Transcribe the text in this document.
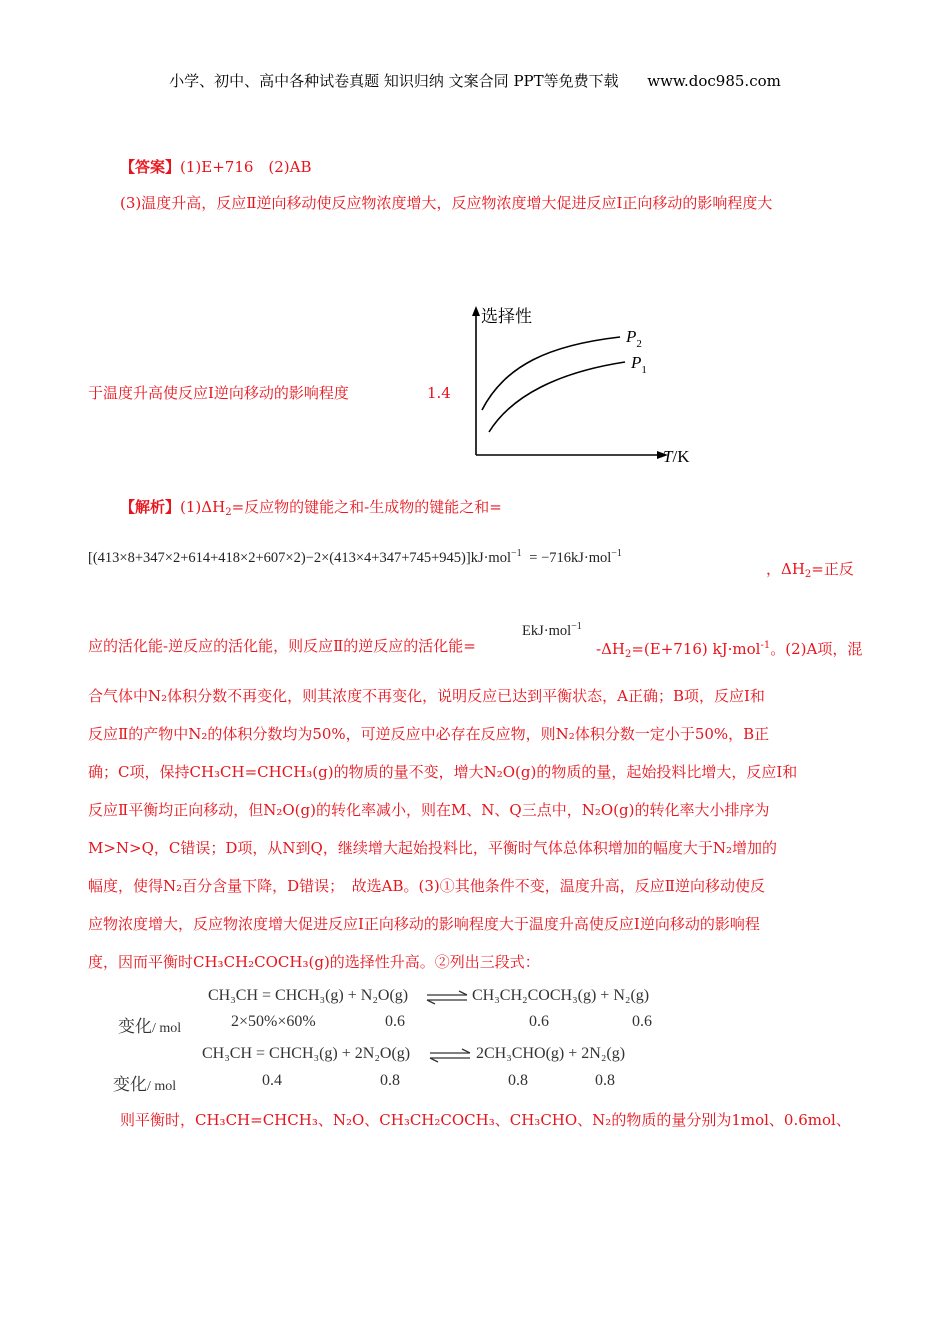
小学、初中、高中各种试卷真题 知识归纳 文案合同 PPT等免费下载 www.doc985.com
【答案】(1)E+716　(2)AB
(3)温度升高，反应Ⅱ逆向移动使反应物浓度增大，反应物浓度增大促进反应Ⅰ正向移动的影响程度大
于温度升高使反应Ⅰ逆向移动的影响程度	1.4
选择性
$P_2$
$P_1$
T/K
【解析】$(1)\Delta H_2=$反应物的键能之和-生成物的键能之和=
[(413×8+347×2+614+418×2+607×2)−2×(413×4+347+745+945)]kJ·mol$^{-1}$ = −716kJ·mol$^{-1}$
，$\Delta H_2=$正反
EkJ·mol$^{-1}$
应的活化能-逆反应的活化能，则反应Ⅱ的逆反应的活化能=	$-\Delta H_2=(E+716)$ kJ·mol$^{-1}$。(2)A项，混
合气体中N₂体积分数不再变化，则其浓度不再变化，说明反应已达到平衡状态，A正确；B项，反应Ⅰ和
反应Ⅱ的产物中N₂的体积分数均为50%，可逆反应中必存在反应物，则N₂体积分数一定小于50%，B正
确；C项，保持CH₃CH=CHCH₃(g)的物质的量不变，增大N₂O(g)的物质的量，起始投料比增大，反应Ⅰ和
反应Ⅱ平衡均正向移动，但N₂O(g)的转化率减小，则在M、N、Q三点中，N₂O(g)的转化率大小排序为
M>N>Q，C错误；D项，从N到Q，继续增大起始投料比，平衡时气体总体积增加的幅度大于N₂增加的
幅度，使得N₂百分含量下降，D错误；　故选AB。(3)①其他条件不变，温度升高，反应Ⅱ逆向移动使反
应物浓度增大，反应物浓度增大促进反应Ⅰ正向移动的影响程度大于温度升高使反应Ⅰ逆向移动的影响程
度，因而平衡时CH₃CH₂COCH₃(g)的选择性升高。②列出三段式：
CH₃CH = CHCH₃(g) + N₂O(g)	CH₃CH₂COCH₃(g) + N₂(g)
变化/ mol	2×50%×60%	0.6	0.6	0.6
CH₃CH = CHCH₃(g) + 2N₂O(g)	2CH₃CHO(g) + 2N₂(g)
变化/ mol	0.4	0.8	0.8	0.8
则平衡时，CH₃CH=CHCH₃、N₂O、CH₃CH₂COCH₃、CH₃CHO、N₂的物质的量分别为1mol、0.6mol、
